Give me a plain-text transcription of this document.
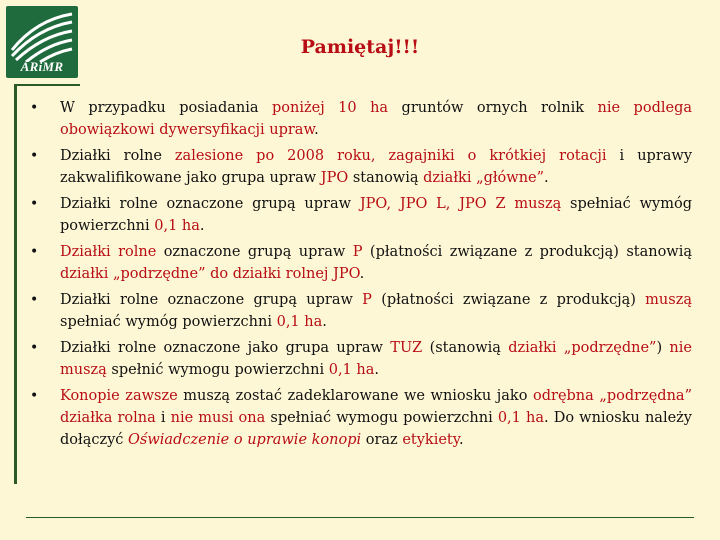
ARiMR
Pamiętaj!!!
• W przypadku posiadania poniżej 10 ha gruntów ornych rolnik nie podlega obowiązkowi dywersyfikacji upraw.
• Działki rolne zalesione po 2008 roku, zagajniki o krótkiej rotacji i uprawy zakwalifikowane jako grupa upraw JPO stanowią działki „główne”.
• Działki rolne oznaczone grupą upraw JPO, JPO L, JPO Z muszą spełniać wymóg powierzchni 0,1 ha.
• Działki rolne oznaczone grupą upraw P (płatności związane z produkcją) stanowią działki „podrzędne” do działki rolnej JPO.
• Działki rolne oznaczone grupą upraw P (płatności związane z produkcją) muszą spełniać wymóg powierzchni 0,1 ha.
• Działki rolne oznaczone jako grupa upraw TUZ (stanowią działki „podrzędne”) nie muszą spełnić wymogu powierzchni 0,1 ha.
• Konopie zawsze muszą zostać zadeklarowane we wniosku jako odrębna „podrzędna” działka rolna i nie musi ona spełniać wymogu powierzchni 0,1 ha. Do wniosku należy dołączyć Oświadczenie o uprawie konopi oraz etykiety.
